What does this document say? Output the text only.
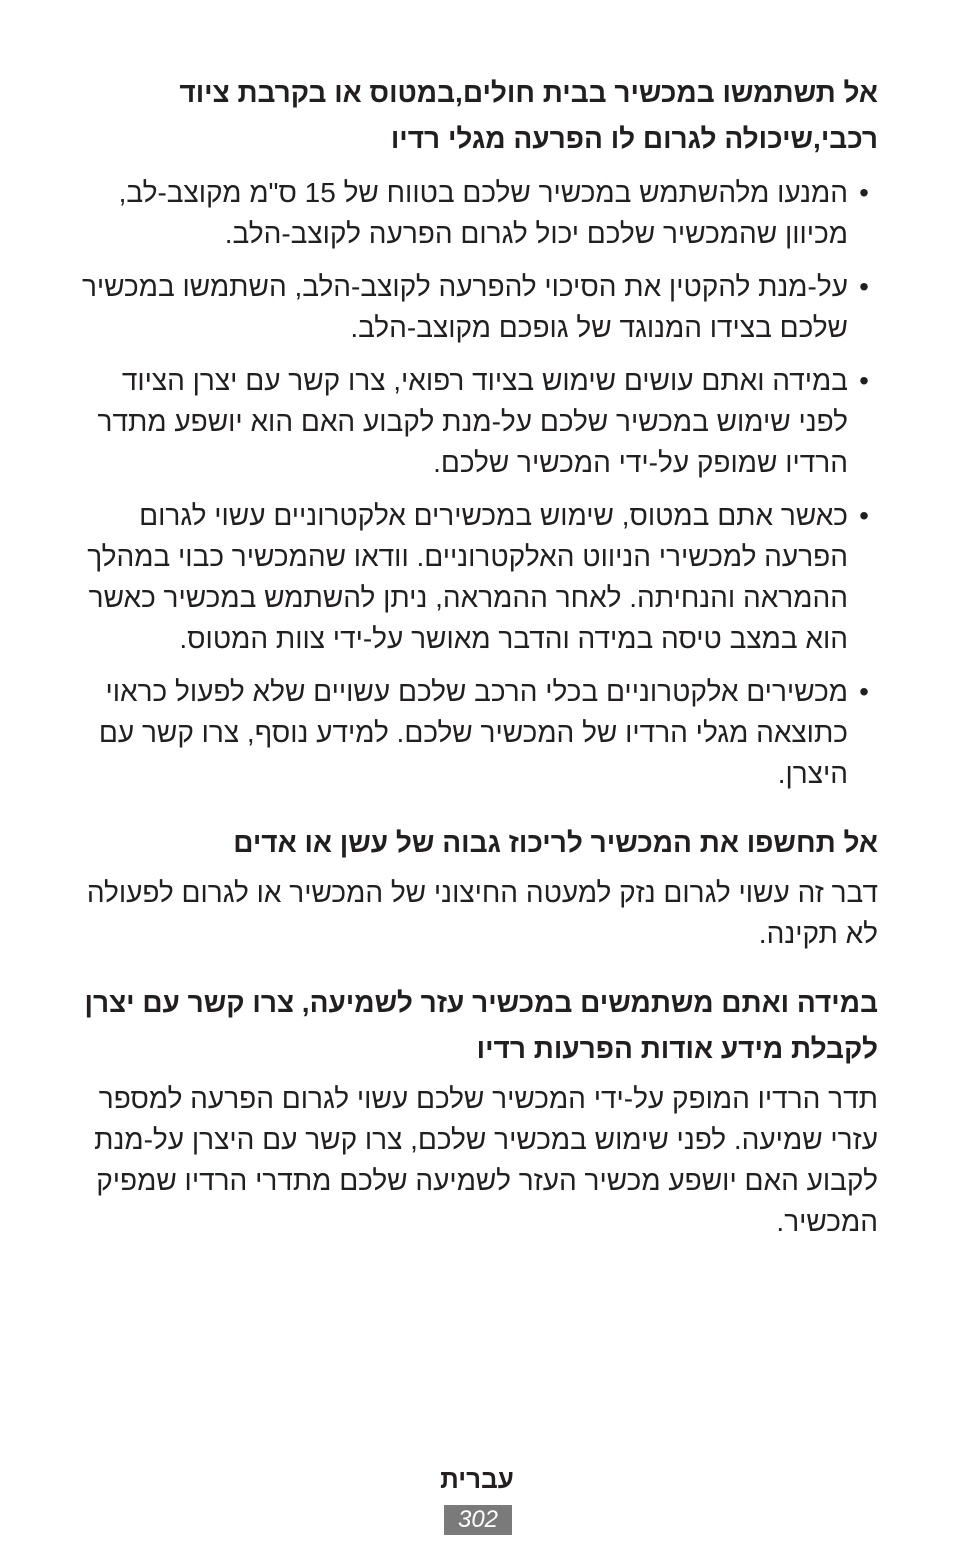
אל תשתמשו במכשיר בבית חולים,במטוס או בקרבת ציוד רכבי,שיכולה לגרום לו הפרעה מגלי רדיו
•
המנעו מלהשתמש במכשיר שלכם בטווח של 15 ס"מ מקוצב-לב, מכיוון שהמכשיר שלכם יכול לגרום הפרעה לקוצב-הלב.
•
על-מנת להקטין את הסיכוי להפרעה לקוצב-הלב, השתמשו במכשיר שלכם בצידו המנוגד של גופכם מקוצב-הלב.
•
במידה ואתם עושים שימוש בציוד רפואי, צרו קשר עם יצרן הציוד לפני שימוש במכשיר שלכם על-מנת לקבוע האם הוא יושפע מתדר הרדיו שמופק על-ידי המכשיר שלכם.
•
כאשר אתם במטוס, שימוש במכשירים אלקטרוניים עשוי לגרום הפרעה למכשירי הניווט האלקטרוניים. וודאו שהמכשיר כבוי במהלך ההמראה והנחיתה. לאחר ההמראה, ניתן להשתמש במכשיר כאשר הוא במצב טיסה במידה והדבר מאושר על-ידי צוות המטוס.
•
מכשירים אלקטרוניים בכלי הרכב שלכם עשויים שלא לפעול כראוי כתוצאה מגלי הרדיו של המכשיר שלכם. למידע נוסף, צרו קשר עם היצרן.
אל תחשפו את המכשיר לריכוז גבוה של עשן או אדים

דבר זה עשוי לגרום נזק למעטה החיצוני של המכשיר או לגרום לפעולה לא תקינה.

במידה ואתם משתמשים במכשיר עזר לשמיעה, צרו קשר עם יצרן לקבלת מידע אודות הפרעות רדיו

תדר הרדיו המופק על-ידי המכשיר שלכם עשוי לגרום הפרעה למספר עזרי שמיעה. לפני שימוש במכשיר שלכם, צרו קשר עם היצרן על-מנת לקבוע האם יושפע מכשיר העזר לשמיעה שלכם מתדרי הרדיו שמפיק המכשיר.

עברית
302
